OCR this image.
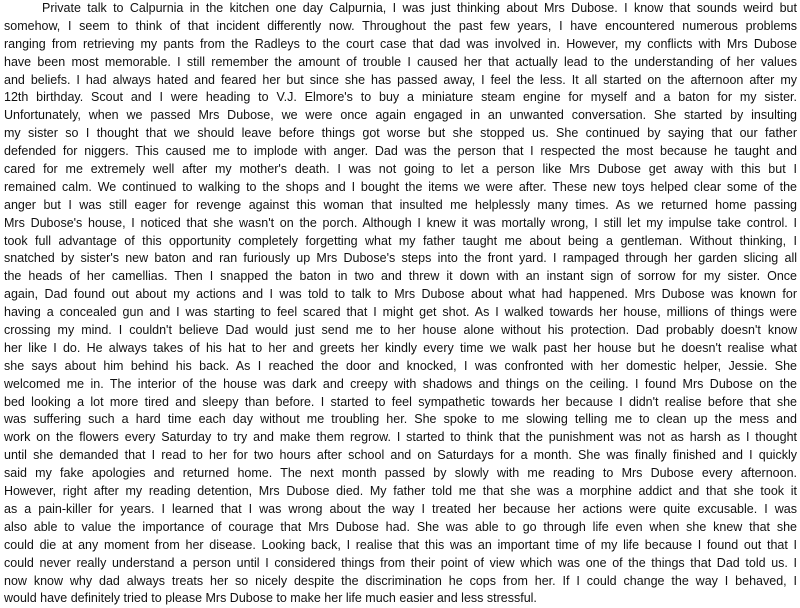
Private talk to Calpurnia in the kitchen one day Calpurnia, I was just thinking about Mrs Dubose. I know that sounds weird but
somehow, I seem to think of that incident differently now. Throughout the past few years, I have encountered numerous problems
ranging from retrieving my pants from the Radleys to the court case that dad was involved in. However, my conflicts with Mrs Dubose
have been most memorable. I still remember the amount of trouble I caused her that actually lead to the understanding of her values
and beliefs. I had always hated and feared her but since she has passed away, I feel the less. It all started on the afternoon after my
12th birthday. Scout and I were heading to V.J. Elmore's to buy a miniature steam engine for myself and a baton for my sister.
Unfortunately, when we passed Mrs Dubose, we were once again engaged in an unwanted conversation. She started by insulting
my sister so I thought that we should leave before things got worse but she stopped us. She continued by saying that our father
defended for niggers. This caused me to implode with anger. Dad was the person that I respected the most because he taught and
cared for me extremely well after my mother's death. I was not going to let a person like Mrs Dubose get away with this but I
remained calm. We continued to walking to the shops and I bought the items we were after. These new toys helped clear some of the
anger but I was still eager for revenge against this woman that insulted me helplessly many times. As we returned home passing
Mrs Dubose's house, I noticed that she wasn't on the porch. Although I knew it was mortally wrong, I still let my impulse take control. I
took full advantage of this opportunity completely forgetting what my father taught me about being a gentleman. Without thinking, I
snatched by sister's new baton and ran furiously up Mrs Dubose's steps into the front yard. I rampaged through her garden slicing all
the heads of her camellias. Then I snapped the baton in two and threw it down with an instant sign of sorrow for my sister. Once
again, Dad found out about my actions and I was told to talk to Mrs Dubose about what had happened. Mrs Dubose was known for
having a concealed gun and I was starting to feel scared that I might get shot. As I walked towards her house, millions of things were
crossing my mind. I couldn't believe Dad would just send me to her house alone without his protection. Dad probably doesn't know
her like I do. He always takes of his hat to her and greets her kindly every time we walk past her house but he doesn't realise what
she says about him behind his back. As I reached the door and knocked, I was confronted with her domestic helper, Jessie. She
welcomed me in. The interior of the house was dark and creepy with shadows and things on the ceiling. I found Mrs Dubose on the
bed looking a lot more tired and sleepy than before. I started to feel sympathetic towards her because I didn't realise before that she
was suffering such a hard time each day without me troubling her. She spoke to me slowing telling me to clean up the mess and
work on the flowers every Saturday to try and make them regrow. I started to think that the punishment was not as harsh as I thought
until she demanded that I read to her for two hours after school and on Saturdays for a month. She was finally finished and I quickly
said my fake apologies and returned home. The next month passed by slowly with me reading to Mrs Dubose every afternoon.
However, right after my reading detention, Mrs Dubose died. My father told me that she was a morphine addict and that she took it
as a pain-killer for years. I learned that I was wrong about the way I treated her because her actions were quite excusable. I was
also able to value the importance of courage that Mrs Dubose had. She was able to go through life even when she knew that she
could die at any moment from her disease. Looking back, I realise that this was an important time of my life because I found out that I
could never really understand a person until I considered things from their point of view which was one of the things that Dad told us. I
now know why dad always treats her so nicely despite the discrimination he cops from her. If I could change the way I behaved, I
would have definitely tried to please Mrs Dubose to make her life much easier and less stressful.
